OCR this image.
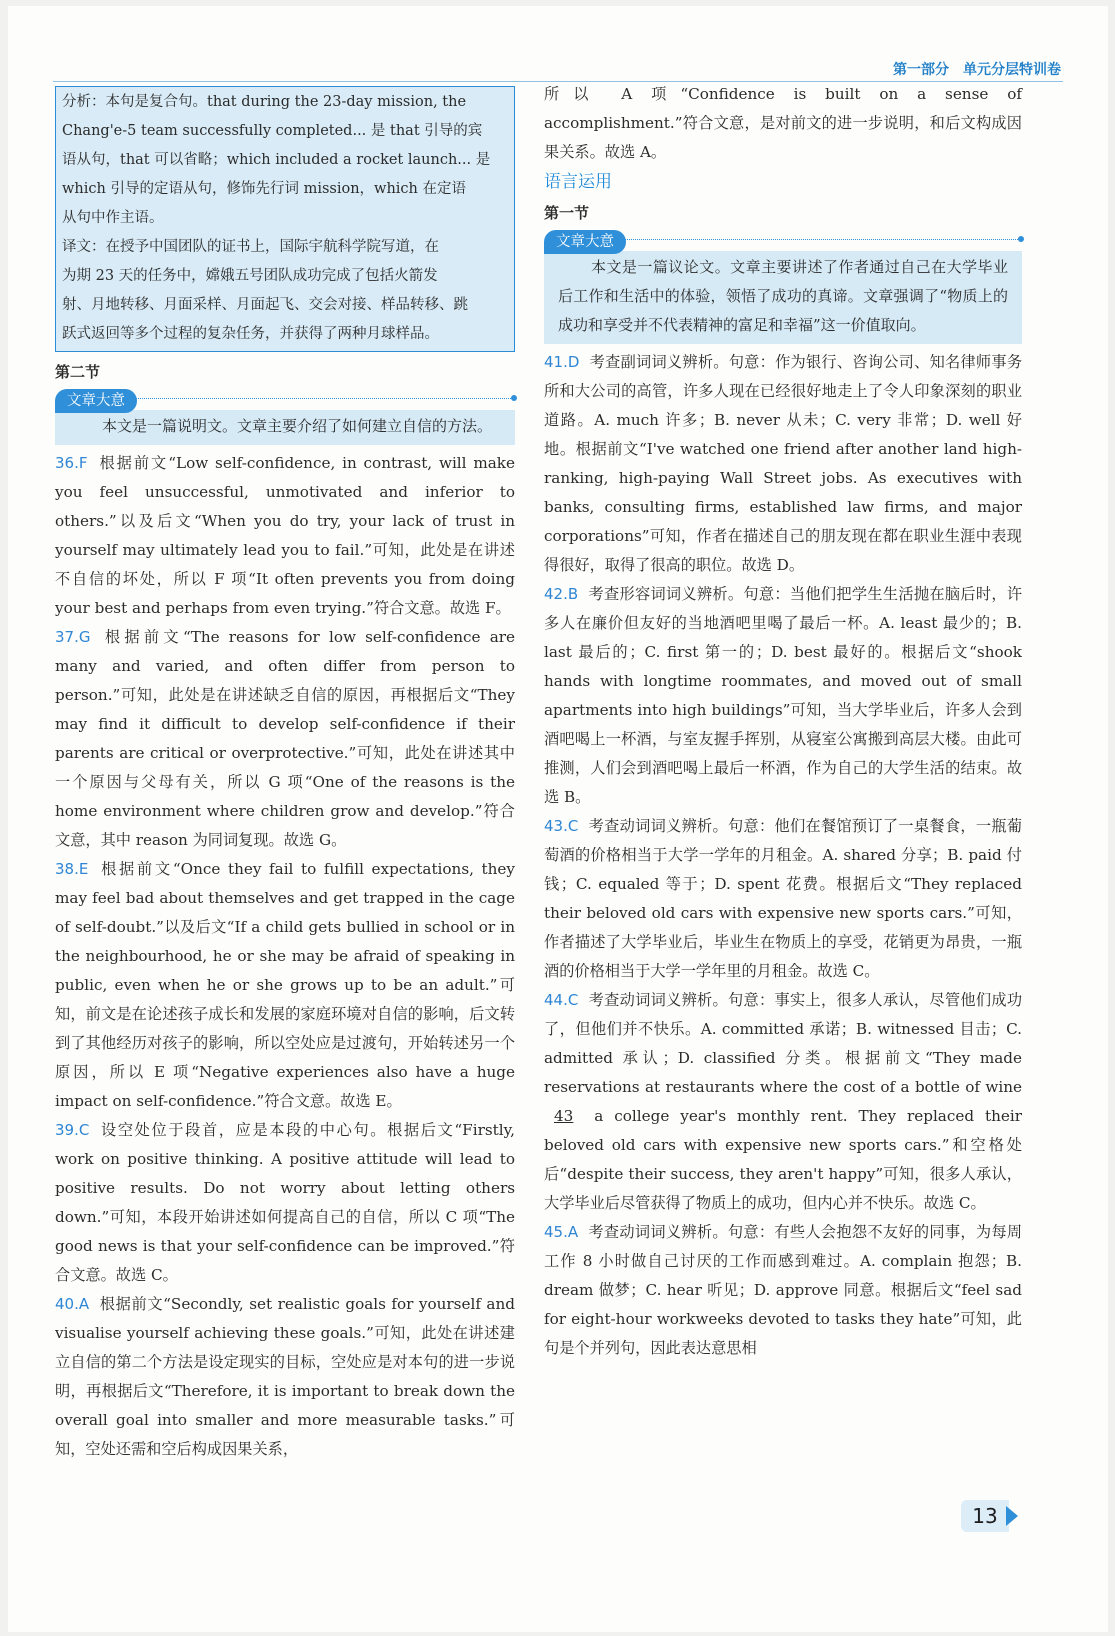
第一部分　单元分层特训卷

分析：本句是复合句。that during the 23-day mission, the

Chang'e-5 team successfully completed... 是 that 引导的宾

语从句，that 可以省略；which included a rocket launch... 是

which 引导的定语从句，修饰先行词 mission，which 在定语

从句中作主语。

译文：在授予中国团队的证书上，国际宇航科学院写道，在

为期 23 天的任务中，嫦娥五号团队成功完成了包括火箭发

射、月地转移、月面采样、月面起飞、交会对接、样品转移、跳

跃式返回等多个过程的复杂任务，并获得了两种月球样品。

第二节
文章大意

本文是一篇说明文。文章主要介绍了如何建立自信的方法。

36.F 根据前文“Low self-confidence, in contrast, will make you feel unsuccessful, unmotivated and inferior to others.”以及后文“When you do try, your lack of trust in yourself may ultimately lead you to fail.”可知，此处是在讲述不自信的坏处，所以 F 项“It often prevents you from doing your best and perhaps from even trying.”符合文意。故选 F。

37.G 根据前文“The reasons for low self-confidence are many and varied, and often differ from person to person.”可知，此处是在讲述缺乏自信的原因，再根据后文“They may find it difficult to develop self-confidence if their parents are critical or overprotective.”可知，此处在讲述其中一个原因与父母有关，所以 G 项“One of the reasons is the home environment where children grow and develop.”符合文意，其中 reason 为同词复现。故选 G。

38.E 根据前文“Once they fail to fulfill expectations, they may feel bad about themselves and get trapped in the cage of self-doubt.”以及后文“If a child gets bullied in school or in the neighbourhood, he or she may be afraid of speaking in public, even when he or she grows up to be an adult.”可知，前文是在论述孩子成长和发展的家庭环境对自信的影响，后文转到了其他经历对孩子的影响，所以空处应是过渡句，开始转述另一个原因，所以 E 项“Negative experiences also have a huge impact on self-confidence.”符合文意。故选 E。

39.C 设空处位于段首，应是本段的中心句。根据后文“Firstly, work on positive thinking. A positive attitude will lead to positive results. Do not worry about letting others down.”可知，本段开始讲述如何提高自己的自信，所以 C 项“The good news is that your self-confidence can be improved.”符合文意。故选 C。

40.A 根据前文“Secondly, set realistic goals for yourself and visualise yourself achieving these goals.”可知，此处在讲述建立自信的第二个方法是设定现实的目标，空处应是对本句的进一步说明，再根据后文“Therefore, it is important to break down the overall goal into smaller and more measurable tasks.”可知，空处还需和空后构成因果关系，

所以 A 项“Confidence is built on a sense of accomplishment.”符合文意，是对前文的进一步说明，和后文构成因果关系。故选 A。

语言运用
第一节
文章大意

本文是一篇议论文。文章主要讲述了作者通过自己在大学毕业后工作和生活中的体验，领悟了成功的真谛。文章强调了“物质上的成功和享受并不代表精神的富足和幸福”这一价值取向。

41.D 考查副词词义辨析。句意：作为银行、咨询公司、知名律师事务所和大公司的高管，许多人现在已经很好地走上了令人印象深刻的职业道路。A. much 许多；B. never 从未；C. very 非常；D. well 好地。根据前文“I've watched one friend after another land high-ranking, high-paying Wall Street jobs. As executives with banks, consulting firms, established law firms, and major corporations”可知，作者在描述自己的朋友现在都在职业生涯中表现得很好，取得了很高的职位。故选 D。

42.B 考查形容词词义辨析。句意：当他们把学生生活抛在脑后时，许多人在廉价但友好的当地酒吧里喝了最后一杯。A. least 最少的；B. last 最后的；C. first 第一的；D. best 最好的。根据后文“shook hands with longtime roommates, and moved out of small apartments into high buildings”可知，当大学毕业后，许多人会到酒吧喝上一杯酒，与室友握手挥别，从寝室公寓搬到高层大楼。由此可推测，人们会到酒吧喝上最后一杯酒，作为自己的大学生活的结束。故选 B。

43.C 考查动词词义辨析。句意：他们在餐馆预订了一桌餐食，一瓶葡萄酒的价格相当于大学一学年的月租金。A. shared 分享；B. paid 付钱；C. equaled 等于；D. spent 花费。根据后文“They replaced their beloved old cars with expensive new sports cars.”可知，作者描述了大学毕业后，毕业生在物质上的享受，花销更为昂贵，一瓶酒的价格相当于大学一学年里的月租金。故选 C。

44.C 考查动词词义辨析。句意：事实上，很多人承认，尽管他们成功了，但他们并不快乐。A. committed 承诺；B. witnessed 目击；C. admitted 承认；D. classified 分类。根据前文“They made reservations at restaurants where the cost of a bottle of wine 43 a college year's monthly rent. They replaced their beloved old cars with expensive new sports cars.”和空格处后“despite their success, they aren't happy”可知，很多人承认，大学毕业后尽管获得了物质上的成功，但内心并不快乐。故选 C。

45.A 考查动词词义辨析。句意：有些人会抱怨不友好的同事，为每周工作 8 小时做自己讨厌的工作而感到难过。A. complain 抱怨；B. dream 做梦；C. hear 听见；D. approve 同意。根据后文“feel sad for eight-hour workweeks devoted to tasks they hate”可知，此句是个并列句，因此表达意思相

13
